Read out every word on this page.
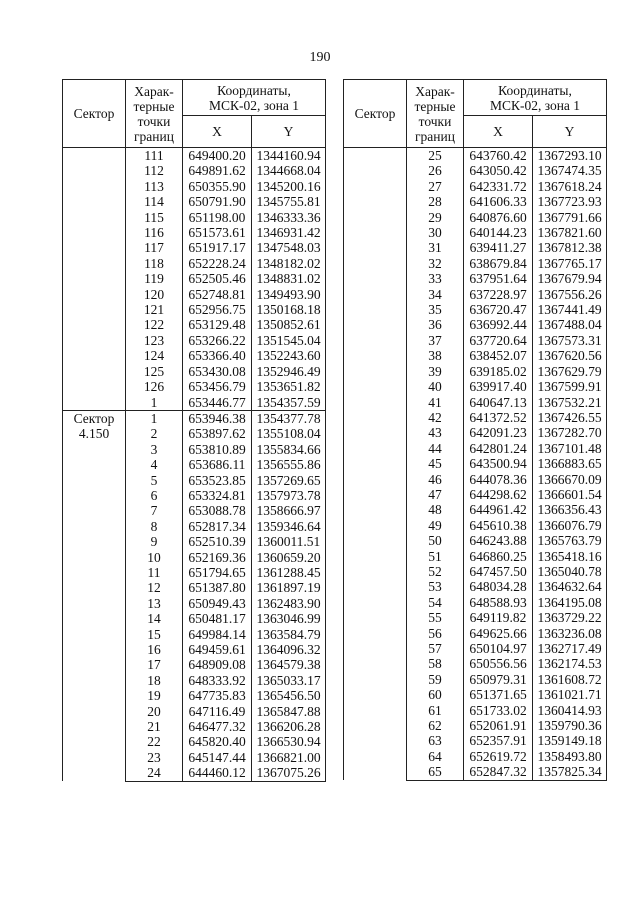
190
Сектор	Харак-
терные
точки
границ	Координаты,
МСК-02, зона 1	
		X	Y
	111	649400.20	1344160.94
	112	649891.62	1344668.04
	113	650355.90	1345200.16
	114	650791.90	1345755.81
	115	651198.00	1346333.36
	116	651573.61	1346931.42
	117	651917.17	1347548.03
	118	652228.24	1348182.02
	119	652505.46	1348831.02
	120	652748.81	1349493.90
	121	652956.75	1350168.18
	122	653129.48	1350852.61
	123	653266.22	1351545.04
	124	653366.40	1352243.60
	125	653430.08	1352946.49
	126	653456.79	1353651.82
	1	653446.77	1354357.59
Сектор
4.150	1	653946.38	1354377.78
	2	653897.62	1355108.04
	3	653810.89	1355834.66
	4	653686.11	1356555.86
	5	653523.85	1357269.65
	6	653324.81	1357973.78
	7	653088.78	1358666.97
	8	652817.34	1359346.64
	9	652510.39	1360011.51
	10	652169.36	1360659.20
	11	651794.65	1361288.45
	12	651387.80	1361897.19
	13	650949.43	1362483.90
	14	650481.17	1363046.99
	15	649984.14	1363584.79
	16	649459.61	1364096.32
	17	648909.08	1364579.38
	18	648333.92	1365033.17
	19	647735.83	1365456.50
	20	647116.49	1365847.88
	21	646477.32	1366206.28
	22	645820.40	1366530.94
	23	645147.44	1366821.00
	24	644460.12	1367075.26
Сектор	Харак-
терные
точки
границ	Координаты,
МСК-02, зона 1	
		X	Y
	25	643760.42	1367293.10
	26	643050.42	1367474.35
	27	642331.72	1367618.24
	28	641606.33	1367723.93
	29	640876.60	1367791.66
	30	640144.23	1367821.60
	31	639411.27	1367812.38
	32	638679.84	1367765.17
	33	637951.64	1367679.94
	34	637228.97	1367556.26
	35	636720.47	1367441.49
	36	636992.44	1367488.04
	37	637720.64	1367573.31
	38	638452.07	1367620.56
	39	639185.02	1367629.79
	40	639917.40	1367599.91
	41	640647.13	1367532.21
	42	641372.52	1367426.55
	43	642091.23	1367282.70
	44	642801.24	1367101.48
	45	643500.94	1366883.65
	46	644078.36	1366670.09
	47	644298.62	1366601.54
	48	644961.42	1366356.43
	49	645610.38	1366076.79
	50	646243.88	1365763.79
	51	646860.25	1365418.16
	52	647457.50	1365040.78
	53	648034.28	1364632.64
	54	648588.93	1364195.08
	55	649119.82	1363729.22
	56	649625.66	1363236.08
	57	650104.97	1362717.49
	58	650556.56	1362174.53
	59	650979.31	1361608.72
	60	651371.65	1361021.71
	61	651733.02	1360414.93
	62	652061.91	1359790.36
	63	652357.91	1359149.18
	64	652619.72	1358493.80
	65	652847.32	1357825.34
